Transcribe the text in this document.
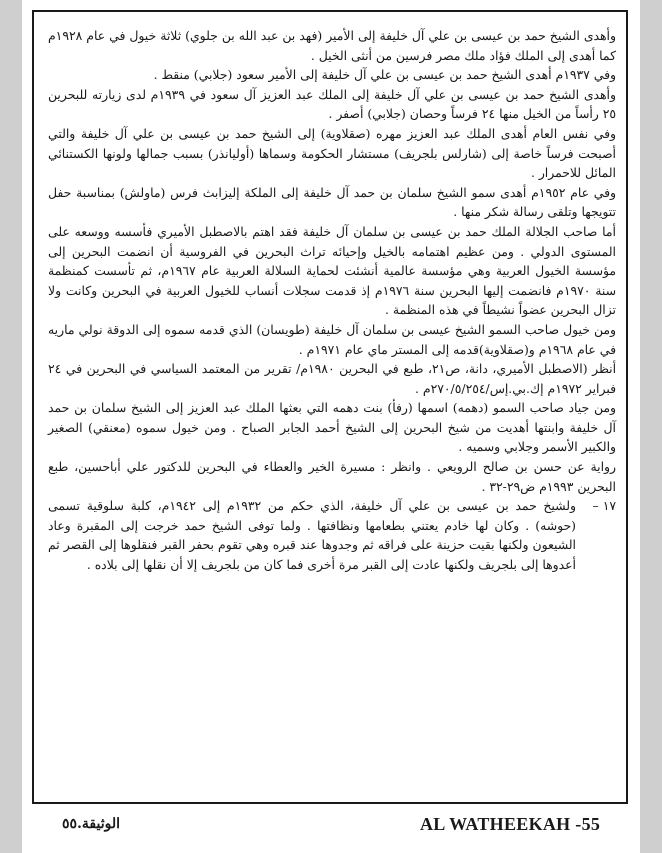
وأهدى الشيخ حمد بن عيسى بن علي آل خليفة إلى الأمير (فهد بن عبد الله بن جلوي) ثلاثة خيول في عام ١٩٢٨م كما أهدى إلى الملك فؤاد ملك مصر فرسين من أنثى الخيل .

وفي ١٩٣٧م أهدى الشيخ حمد بن عيسى بن علي آل خليفة إلى الأمير سعود (جلابي) منقط .

وأهدى الشيخ حمد بن عيسى بن علي آل خليفة إلى الملك عبد العزيز آل سعود في ١٩٣٩م لدى زيارته للبحرين ٢٥ رأساً من الخيل منها ٢٤ فرساً وحصان (جلابي) أصفر .

وفي نفس العام أهدى الملك عبد العزيز مهره (صقلاوية) إلى الشيخ حمد بن عيسى بن علي آل خليفة والتي أصبحت فرساً خاصة إلى (شارلس بلجريف) مستشار الحكومة وسماها (أوليانذر) بسبب جمالها ولونها الكستنائي المائل للاحمرار .

وفي عام ١٩٥٢م أهدى سمو الشيخ سلمان بن حمد آل خليفة إلى الملكة إليزابث فرس (ماولش) بمناسبة حفل تتويجها وتلقى رسالة شكر منها .

أما صاحب الجلالة الملك حمد بن عيسى بن سلمان آل خليفة فقد اهتم بالاصطبل الأميري فأسسه ووسعه على المستوى الدولي . ومن عظيم اهتمامه بالخيل وإحيائه تراث البحرين في الفروسية أن انضمت البحرين إلى مؤسسة الخيول العربية وهي مؤسسة عالمية أنشئت لحماية السلالة العربية عام ١٩٦٧م، ثم تأسست كمنظمة سنة ١٩٧٠م فانضمت إليها البحرين سنة ١٩٧٦م إذ قدمت سجلات أنساب للخيول العربية في البحرين وكانت ولا تزال البحرين عضواً نشيطاً في هذه المنظمة .

ومن خيول صاحب السمو الشيخ عيسى بن سلمان آل خليفة (طويسان) الذي قدمه سموه إلى الدوقة نولي ماريه في عام ١٩٦٨م و(صقلاوية)قدمه إلى المستر ماي عام ١٩٧١م .

أنظر (الاصطبل الأميري، دانة، ص٢١، طبع في البحرين ١٩٨٠م/ تقرير من المعتمد السياسي في البحرين في ٢٤ فبراير ١٩٧٢م إك.بي.إس/٢٧٠/٥/٢٥٤م .

ومن جياد صاحب السمو (دهمه) اسمها (رفأ) بنت دهمه التي بعثها الملك عبد العزيز إلى الشيخ سلمان بن حمد آل خليفة وابنتها أهديت من شيخ البحرين إلى الشيخ أحمد الجابر الصباح . ومن خيول سموه (معنقي) الصغير والكبير الأسمر وجلابي وسميه .

رواية عن حسن بن صالح الرويعي . وانظر : مسيرة الخير والعطاء في البحرين للدكتور علي أباحسين، طبع البحرين ١٩٩٣م ض٢٩-٣٢ .

١٧ –

ولشيخ حمد بن عيسى بن علي آل خليفة، الذي حكم من ١٩٣٢م إلى ١٩٤٢م، كلبة سلوقية تسمى (حوشه) . وكان لها خادم يعتني بطعامها ونظافتها . ولما توفى الشيخ حمد خرجت إلى المقبرة وعاد الشيعون ولكنها بقيت حزينة على فراقه ثم وجدوها عند قبره وهي تقوم بحفر القبر فنقلوها إلى القصر ثم أعدوها إلى بلجريف ولكنها عادت إلى القبر مرة أخرى فما كان من بلجريف إلا أن نقلها إلى بلاده .

AL WATHEEKAH -55
الوثيقة.٥٥
